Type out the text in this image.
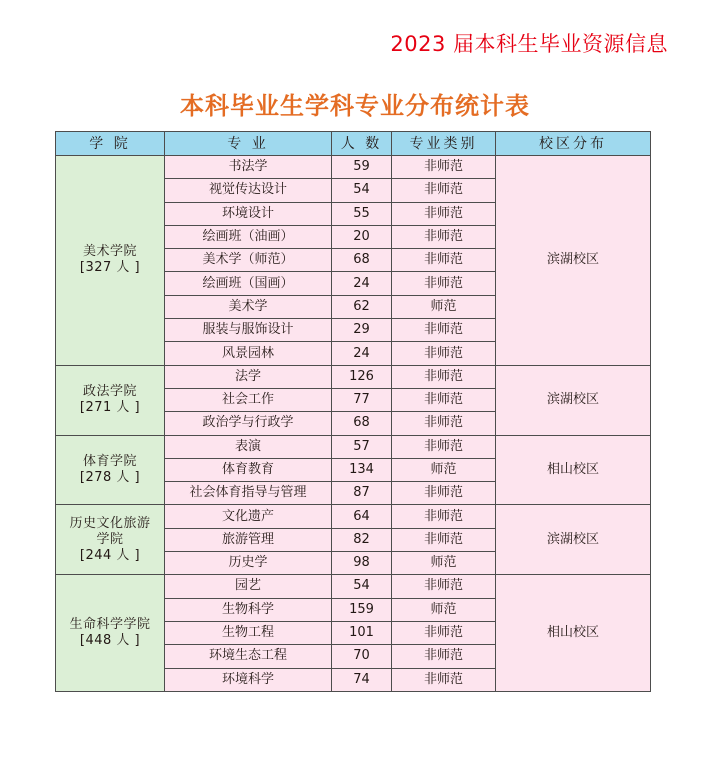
2023 届本科生毕业资源信息
本科毕业生学科专业分布统计表
学 院	专 业	人 数	专业类别	校区分布

美术学院
[327 人 ]	书法学	59	非师范	滨湖校区
	视觉传达设计	54	非师范	
	环境设计	55	非师范	
	绘画班（油画）	20	非师范	
	美术学（师范）	68	非师范	
	绘画班（国画）	24	非师范	
	美术学	62	师范	
	服装与服饰设计	29	非师范	
	风景园林	24	非师范	

政法学院
[271 人 ]	法学	126	非师范	滨湖校区
	社会工作	77	非师范	
	政治学与行政学	68	非师范	

体育学院
[278 人 ]	表演	57	非师范	相山校区
	体育教育	134	师范	
	社会体育指导与管理	87	非师范	

历史文化旅游
学院
[244 人 ]	文化遗产	64	非师范	滨湖校区
	旅游管理	82	非师范	
	历史学	98	师范	

生命科学学院
[448 人 ]	园艺	54	非师范	相山校区
	生物科学	159	师范	
	生物工程	101	非师范	
	环境生态工程	70	非师范	
	环境科学	74	非师范	
